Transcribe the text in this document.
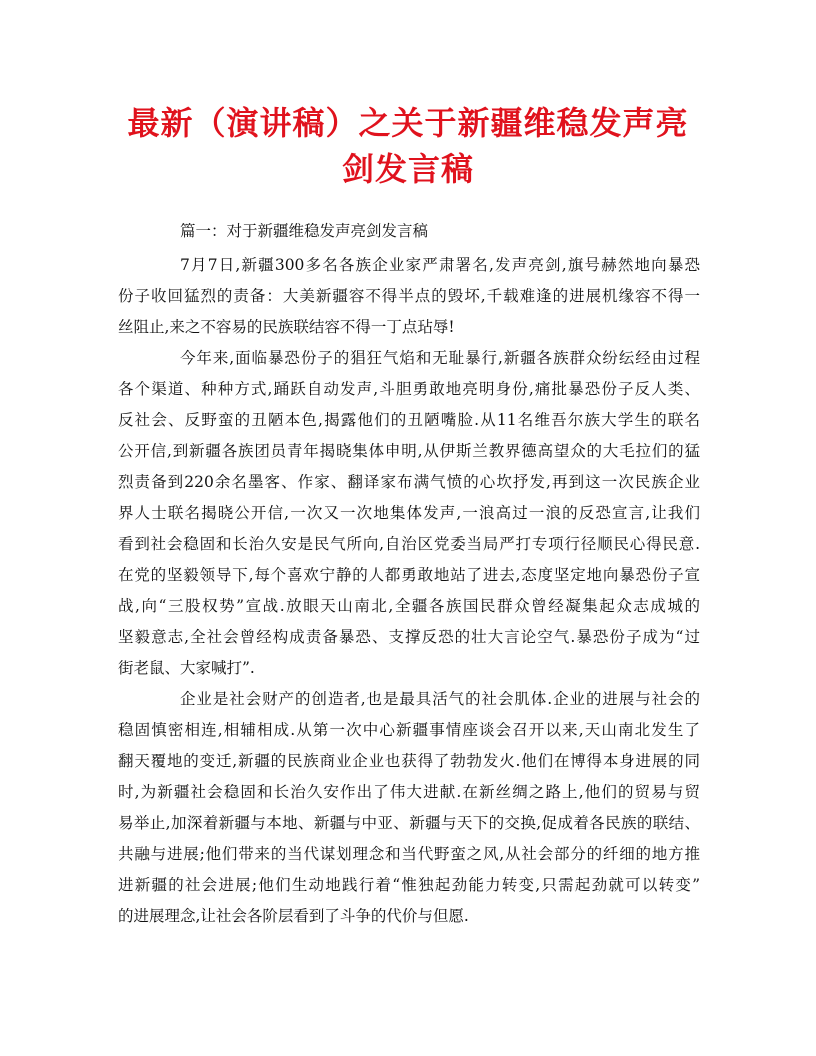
最新（演讲稿）之关于新疆维稳发声亮
剑发言稿
篇一：对于新疆维稳发声亮剑发言稿
7月7日,新疆300多名各族企业家严肃署名,发声亮剑,旗号赫然地向暴恐
份子收回猛烈的责备：大美新疆容不得半点的毁坏,千载难逢的进展机缘容不得一
丝阻止,来之不容易的民族联结容不得一丁点玷辱!
今年来,面临暴恐份子的猖狂气焰和无耻暴行,新疆各族群众纷纭经由过程
各个渠道、种种方式,踊跃自动发声,斗胆勇敢地亮明身份,痛批暴恐份子反人类、
反社会、反野蛮的丑陋本色,揭露他们的丑陋嘴脸.从11名维吾尔族大学生的联名
公开信,到新疆各族团员青年揭晓集体申明,从伊斯兰教界德高望众的大毛拉们的猛
烈责备到220余名墨客、作家、翻译家布满气愤的心坎抒发,再到这一次民族企业
界人士联名揭晓公开信,一次又一次地集体发声,一浪高过一浪的反恐宣言,让我们
看到社会稳固和长治久安是民气所向,自治区党委当局严打专项行径顺民心得民意.
在党的坚毅领导下,每个喜欢宁静的人都勇敢地站了进去,态度坚定地向暴恐份子宣
战,向“三股权势”宣战.放眼天山南北,全疆各族国民群众曾经凝集起众志成城的
坚毅意志,全社会曾经构成责备暴恐、支撑反恐的壮大言论空气.暴恐份子成为“过
街老鼠、大家喊打”.
企业是社会财产的创造者,也是最具活气的社会肌体.企业的进展与社会的
稳固慎密相连,相辅相成.从第一次中心新疆事情座谈会召开以来,天山南北发生了
翻天覆地的变迁,新疆的民族商业企业也获得了勃勃发火.他们在博得本身进展的同
时,为新疆社会稳固和长治久安作出了伟大进献.在新丝绸之路上,他们的贸易与贸
易举止,加深着新疆与本地、新疆与中亚、新疆与天下的交换,促成着各民族的联结、
共融与进展;他们带来的当代谋划理念和当代野蛮之风,从社会部分的纤细的地方推
进新疆的社会进展;他们生动地践行着“惟独起劲能力转变,只需起劲就可以转变”
的进展理念,让社会各阶层看到了斗争的代价与但愿.
